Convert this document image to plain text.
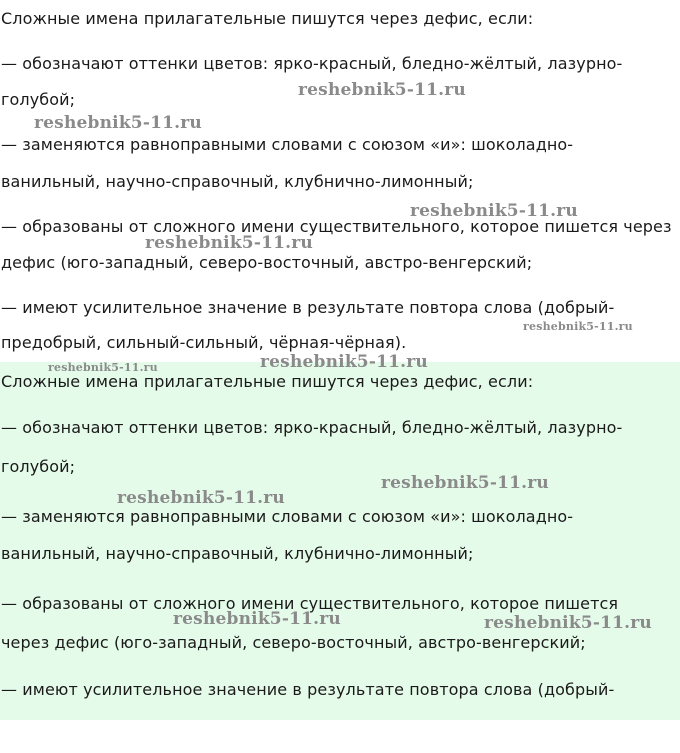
Сложные имена прилагательные пишутся через дефис, если:

— обозначают оттенки цветов: ярко-красный, бледно-жёлтый, лазурно-

голубой;

— заменяются равноправными словами с союзом «и»: шоколадно-

ванильный, научно-справочный, клубнично-лимонный;

— образованы от сложного имени существительного, которое пишется через

дефис (юго-западный, северо-восточный, австро-венгерский;

— имеют усилительное значение в результате повтора слова (добрый-

предобрый, сильный-сильный, чёрная-чёрная).

Сложные имена прилагательные пишутся через дефис, если:

— обозначают оттенки цветов: ярко-красный, бледно-жёлтый, лазурно-

голубой;

— заменяются равноправными словами с союзом «и»: шоколадно-

ванильный, научно-справочный, клубнично-лимонный;

— образованы от сложного имени существительного, которое пишется

через дефис (юго-западный, северо-восточный, австро-венгерский;

— имеют усилительное значение в результате повтора слова (добрый-

reshebnik5-11.ru
reshebnik5-11.ru
reshebnik5-11.ru
reshebnik5-11.ru
reshebnik5-11.ru
reshebnik5-11.ru	reshebnik5-11.ru
reshebnik5-11.ru
reshebnik5-11.ru
reshebnik5-11.ru	reshebnik5-11.ru
